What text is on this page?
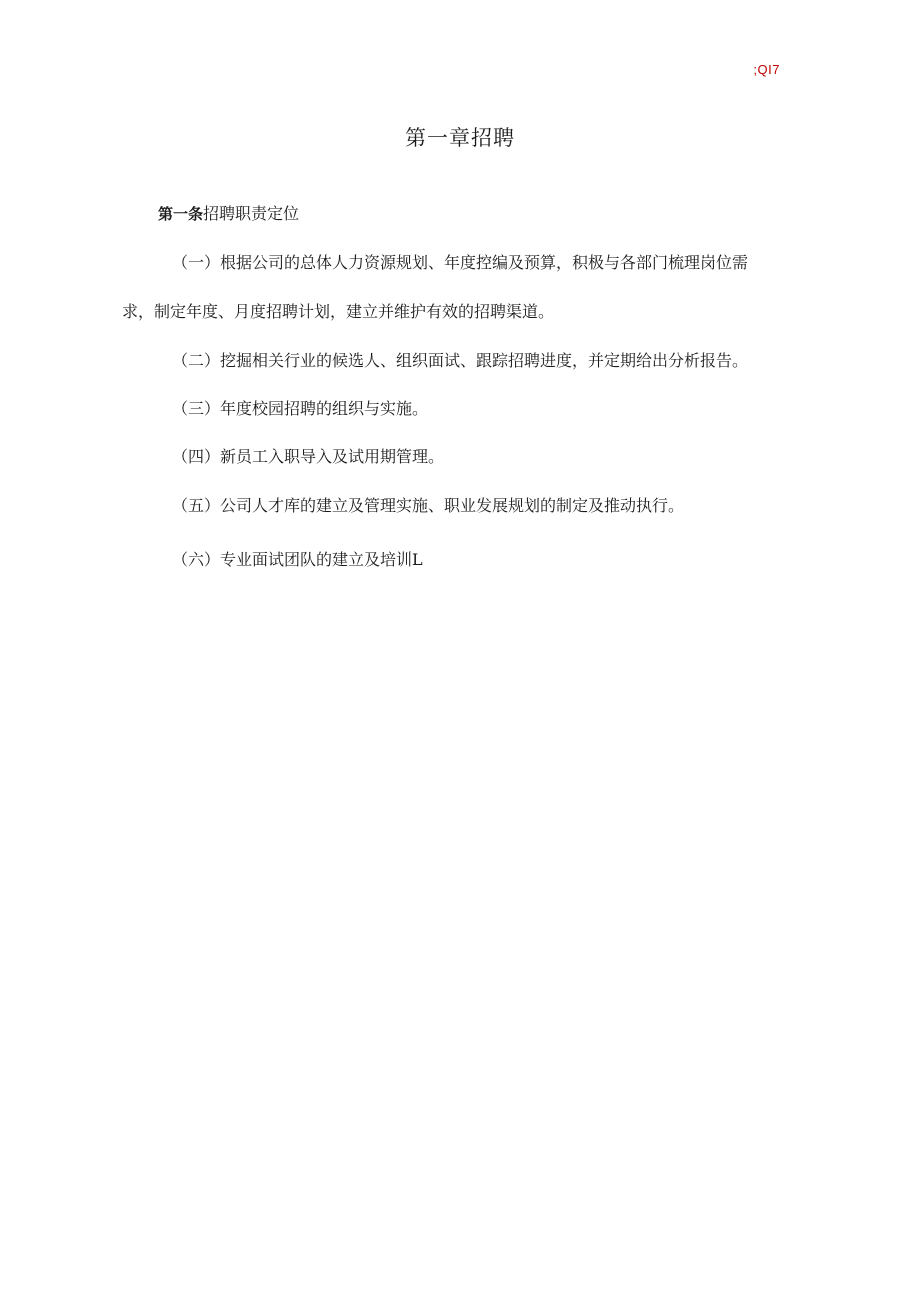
;QI7
第一章招聘
第一条招聘职责定位
（一）根据公司的总体人力资源规划、年度控编及预算，积极与各部门梳理岗位需
求，制定年度、月度招聘计划，建立并维护有效的招聘渠道。
（二）挖掘相关行业的候选人、组织面试、跟踪招聘进度，并定期给出分析报告。
（三）年度校园招聘的组织与实施。
（四）新员工入职导入及试用期管理。
（五）公司人才库的建立及管理实施、职业发展规划的制定及推动执行。
（六）专业面试团队的建立及培训L
